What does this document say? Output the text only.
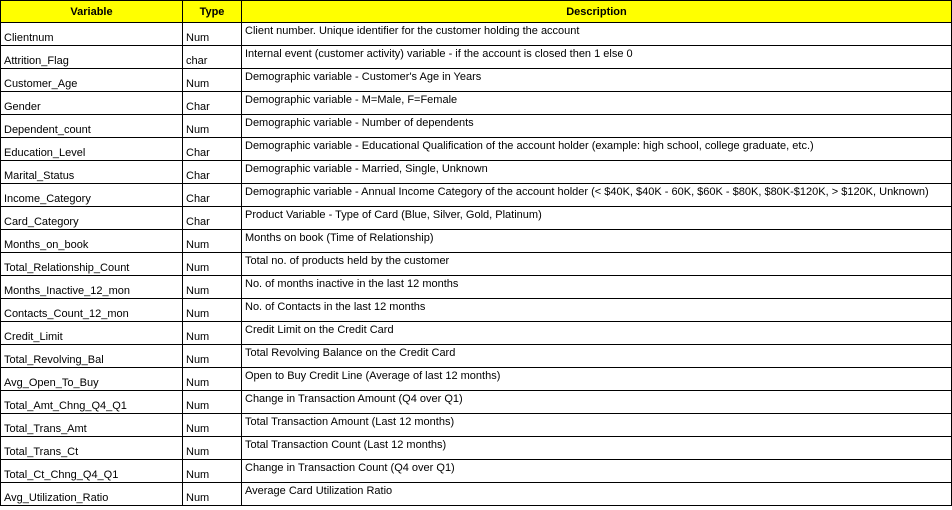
Variable	Type	Description
Clientnum	Num	Client number. Unique identifier for the customer holding the account
Attrition_Flag	char	Internal event (customer activity) variable - if the account is closed then 1 else 0
Customer_Age	Num	Demographic variable - Customer's Age in Years
Gender	Char	Demographic variable - M=Male, F=Female
Dependent_count	Num	Demographic variable - Number of dependents
Education_Level	Char	Demographic variable - Educational Qualification of the account holder (example: high school, college graduate, etc.)
Marital_Status	Char	Demographic variable - Married, Single, Unknown
Income_Category	Char	Demographic variable - Annual Income Category of the account holder (< $40K, $40K - 60K, $60K - $80K, $80K-$120K, > $120K, Unknown)
Card_Category	Char	Product Variable - Type of Card (Blue, Silver, Gold, Platinum)
Months_on_book	Num	Months on book (Time of Relationship)
Total_Relationship_Count	Num	Total no. of products held by the customer
Months_Inactive_12_mon	Num	No. of months inactive in the last 12 months
Contacts_Count_12_mon	Num	No. of Contacts in the last 12 months
Credit_Limit	Num	Credit Limit on the Credit Card
Total_Revolving_Bal	Num	Total Revolving Balance on the Credit Card
Avg_Open_To_Buy	Num	Open to Buy Credit Line (Average of last 12 months)
Total_Amt_Chng_Q4_Q1	Num	Change in Transaction Amount (Q4 over Q1)
Total_Trans_Amt	Num	Total Transaction Amount (Last 12 months)
Total_Trans_Ct	Num	Total Transaction Count (Last 12 months)
Total_Ct_Chng_Q4_Q1	Num	Change in Transaction Count (Q4 over Q1)
Avg_Utilization_Ratio	Num	Average Card Utilization Ratio
